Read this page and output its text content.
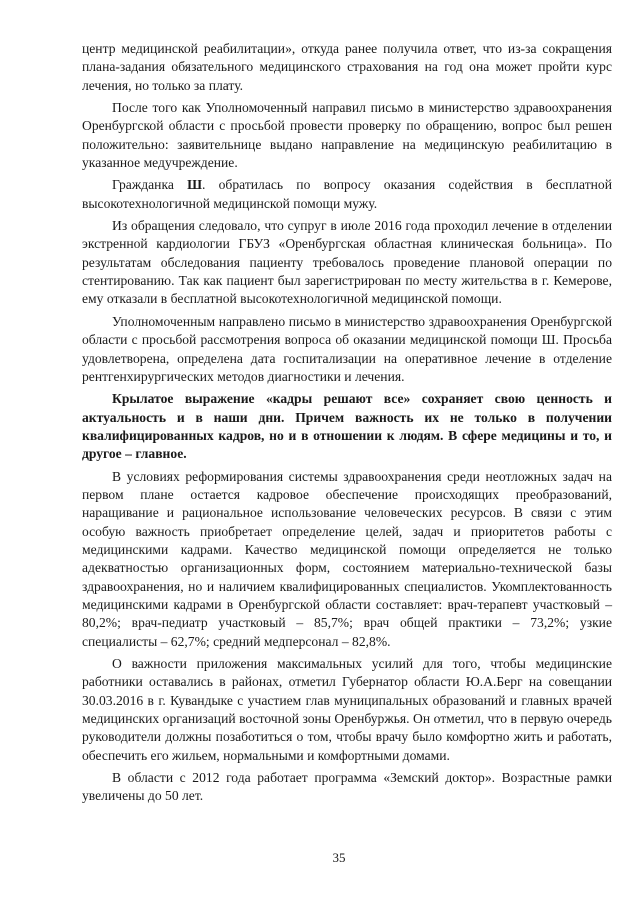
центр медицинской реабилитации», откуда ранее получила ответ, что из-за сокращения плана-задания обязательного медицинского страхования на год она может пройти курс лечения, но только за плату.

После того как Уполномоченный направил письмо в министерство здравоохранения Оренбургской области с просьбой провести проверку по обращению, вопрос был решен положительно: заявительнице выдано направление на медицинскую реабилитацию в указанное медучреждение.

Гражданка Ш. обратилась по вопросу оказания содействия в бесплатной высокотехнологичной медицинской помощи мужу.

Из обращения следовало, что супруг в июле 2016 года проходил лечение в отделении экстренной кардиологии ГБУЗ «Оренбургская областная клиническая больница». По результатам обследования пациенту требовалось проведение плановой операции по стентированию. Так как пациент был зарегистрирован по месту жительства в г. Кемерове, ему отказали в бесплатной высокотехнологичной медицинской помощи.

Уполномоченным направлено письмо в министерство здравоохранения Оренбургской области с просьбой рассмотрения вопроса об оказании медицинской помощи Ш. Просьба удовлетворена, определена дата госпитализации на оперативное лечение в отделение рентгенхирургических методов диагностики и лечения.

Крылатое выражение «кадры решают все» сохраняет свою ценность и актуальность и в наши дни. Причем важность их не только в получении квалифицированных кадров, но и в отношении к людям. В сфере медицины и то, и другое – главное.

В условиях реформирования системы здравоохранения среди неотложных задач на первом плане остается кадровое обеспечение происходящих преобразований, наращивание и рациональное использование человеческих ресурсов. В связи с этим особую важность приобретает определение целей, задач и приоритетов работы с медицинскими кадрами. Качество медицинской помощи определяется не только адекватностью организационных форм, состоянием материально-технической базы здравоохранения, но и наличием квалифицированных специалистов. Укомплектованность медицинскими кадрами в Оренбургской области составляет: врач-терапевт участковый – 80,2%; врач-педиатр участковый – 85,7%; врач общей практики – 73,2%; узкие специалисты – 62,7%; средний медперсонал – 82,8%.

О важности приложения максимальных усилий для того, чтобы медицинские работники оставались в районах, отметил Губернатор области Ю.А.Берг на совещании 30.03.2016 в г. Кувандыке с участием глав муниципальных образований и главных врачей медицинских организаций восточной зоны Оренбуржья. Он отметил, что в первую очередь руководители должны позаботиться о том, чтобы врачу было комфортно жить и работать, обеспечить его жильем, нормальными и комфортными домами.

В области с 2012 года работает программа «Земский доктор». Возрастные рамки увеличены до 50 лет.

35
